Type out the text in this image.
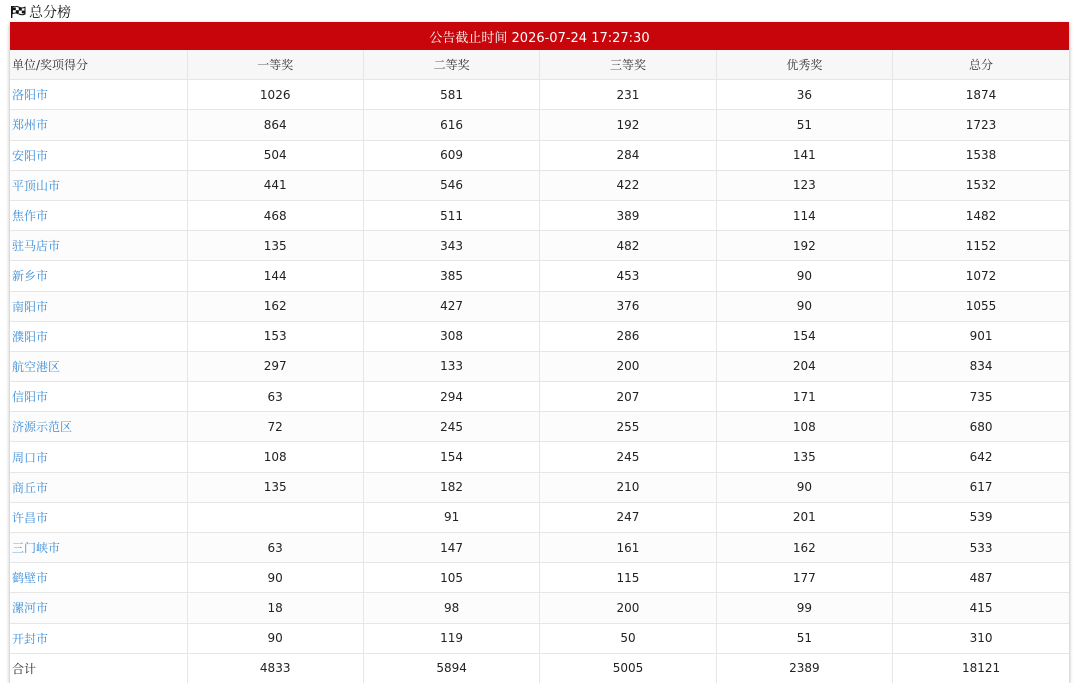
总分榜
公告截止时间 2026-07-24 17:27:30
单位/奖项得分	一等奖	二等奖	三等奖	优秀奖	总分
洛阳市	1026	581	231	36	1874
郑州市	864	616	192	51	1723
安阳市	504	609	284	141	1538
平顶山市	441	546	422	123	1532
焦作市	468	511	389	114	1482
驻马店市	135	343	482	192	1152
新乡市	144	385	453	90	1072
南阳市	162	427	376	90	1055
濮阳市	153	308	286	154	901
航空港区	297	133	200	204	834
信阳市	63	294	207	171	735
济源示范区	72	245	255	108	680
周口市	108	154	245	135	642
商丘市	135	182	210	90	617
许昌市		91	247	201	539
三门峡市	63	147	161	162	533
鹤壁市	90	105	115	177	487
漯河市	18	98	200	99	415
开封市	90	119	50	51	310
合计	4833	5894	5005	2389	18121
